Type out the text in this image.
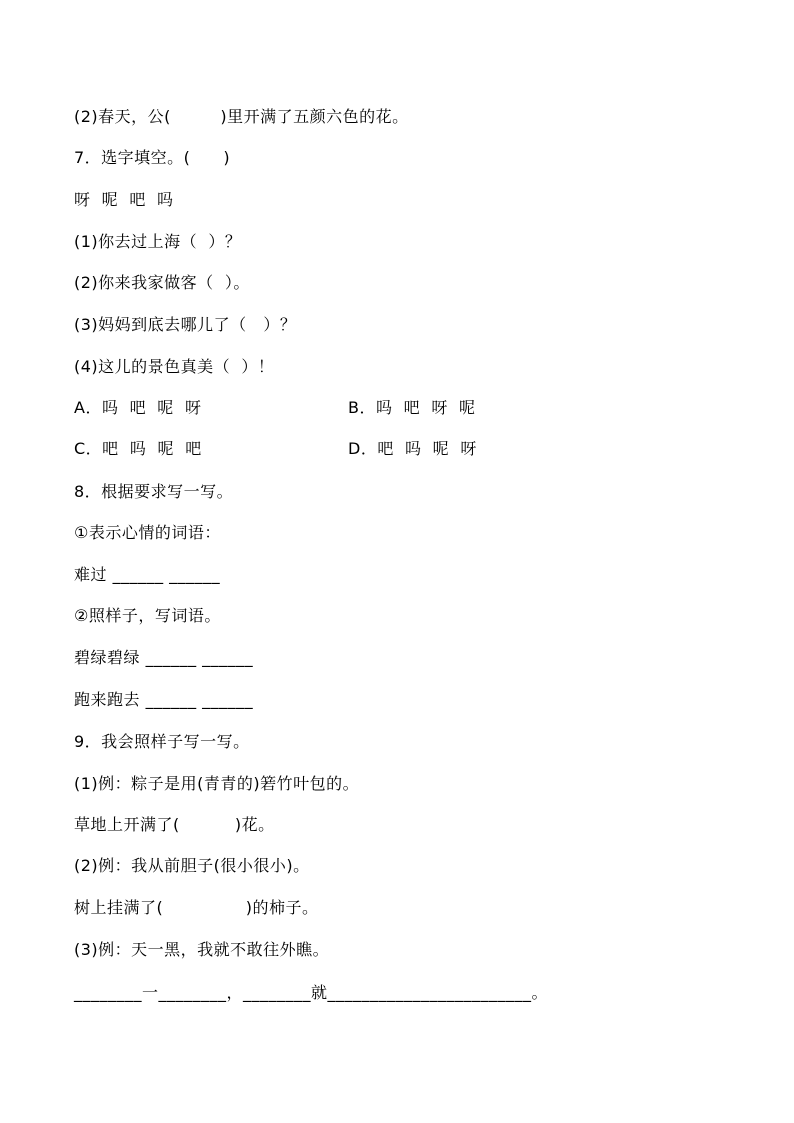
(2)春天，公(　　　)里开满了五颜六色的花。
7．选字填空。(　　)
呀  呢  吧  吗
(1)你去过上海（  ）？
(2)你来我家做客（  ）。
(3)妈妈到底去哪儿了（   ）？
(4)这儿的景色真美（  ）！
A．吗  吧  呢  呀	B．吗  吧  呀  呢
C．吧  吗  呢  吧	D．吧  吗  呢  呀
8．根据要求写一写。
①表示心情的词语：
难过 ______ ______
②照样子，写词语。
碧绿碧绿 ______ ______
跑来跑去 ______ ______
9．我会照样子写一写。
(1)例：粽子是用(青青的)箬竹叶包的。
草地上开满了(　　　 )花。
(2)例：我从前胆子(很小很小)。
树上挂满了(　　　　　)的柿子。
(3)例：天一黑，我就不敢往外瞧。
________一________，________就________________________。
